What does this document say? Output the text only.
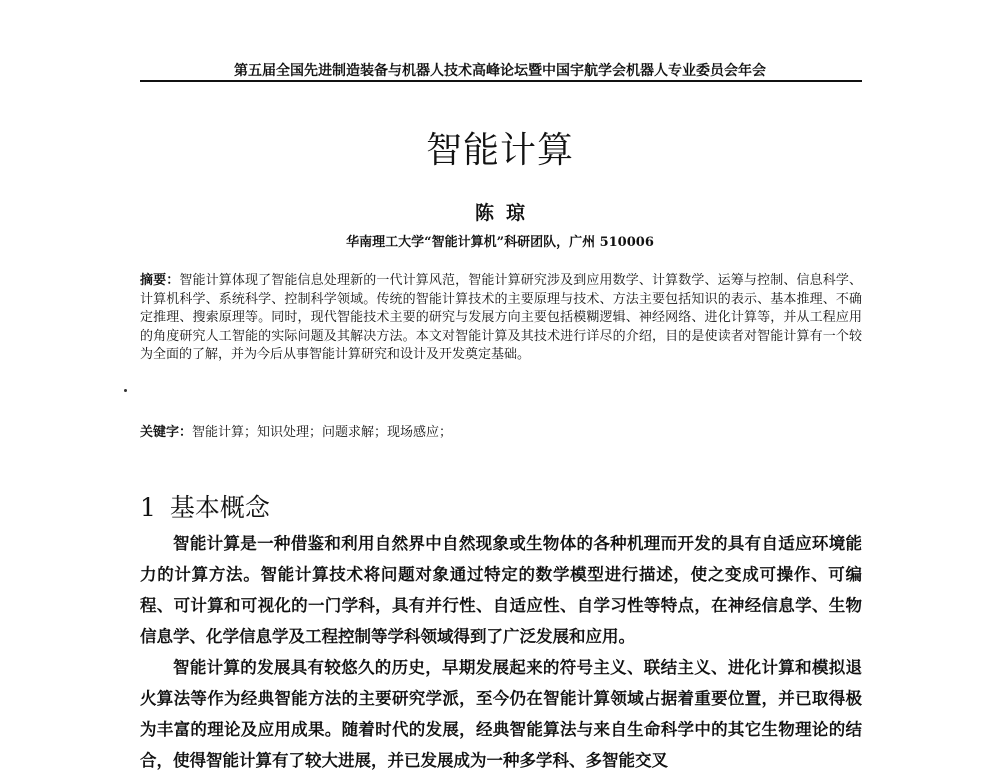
第五届全国先进制造装备与机器人技术高峰论坛暨中国宇航学会机器人专业委员会年会
智能计算
陈琼
华南理工大学“智能计算机”科研团队，广州 510006
摘要：智能计算体现了智能信息处理新的一代计算风范，智能计算研究涉及到应用数学、计算数学、运筹与控制、信息科学、计算机科学、系统科学、控制科学领域。传统的智能计算技术的主要原理与技术、方法主要包括知识的表示、基本推理、不确定推理、搜索原理等。同时，现代智能技术主要的研究与发展方向主要包括模糊逻辑、神经网络、进化计算等，并从工程应用的角度研究人工智能的实际问题及其解决方法。本文对智能计算及其技术进行详尽的介绍，目的是使读者对智能计算有一个较为全面的了解，并为今后从事智能计算研究和设计及开发奠定基础。
关键字：智能计算；知识处理；问题求解；现场感应；
1 基本概念

智能计算是一种借鉴和利用自然界中自然现象或生物体的各种机理而开发的具有自适应环境能力的计算方法。智能计算技术将问题对象通过特定的数学模型进行描述，使之变成可操作、可编程、可计算和可视化的一门学科，具有并行性、自适应性、自学习性等特点，在神经信息学、生物信息学、化学信息学及工程控制等学科领域得到了广泛发展和应用。

智能计算的发展具有较悠久的历史，早期发展起来的符号主义、联结主义、进化计算和模拟退火算法等作为经典智能方法的主要研究学派，至今仍在智能计算领域占据着重要位置，并已取得极为丰富的理论及应用成果。随着时代的发展，经典智能算法与来自生命科学中的其它生物理论的结合，使得智能计算有了较大进展，并已发展成为一种多学科、多智能交叉
